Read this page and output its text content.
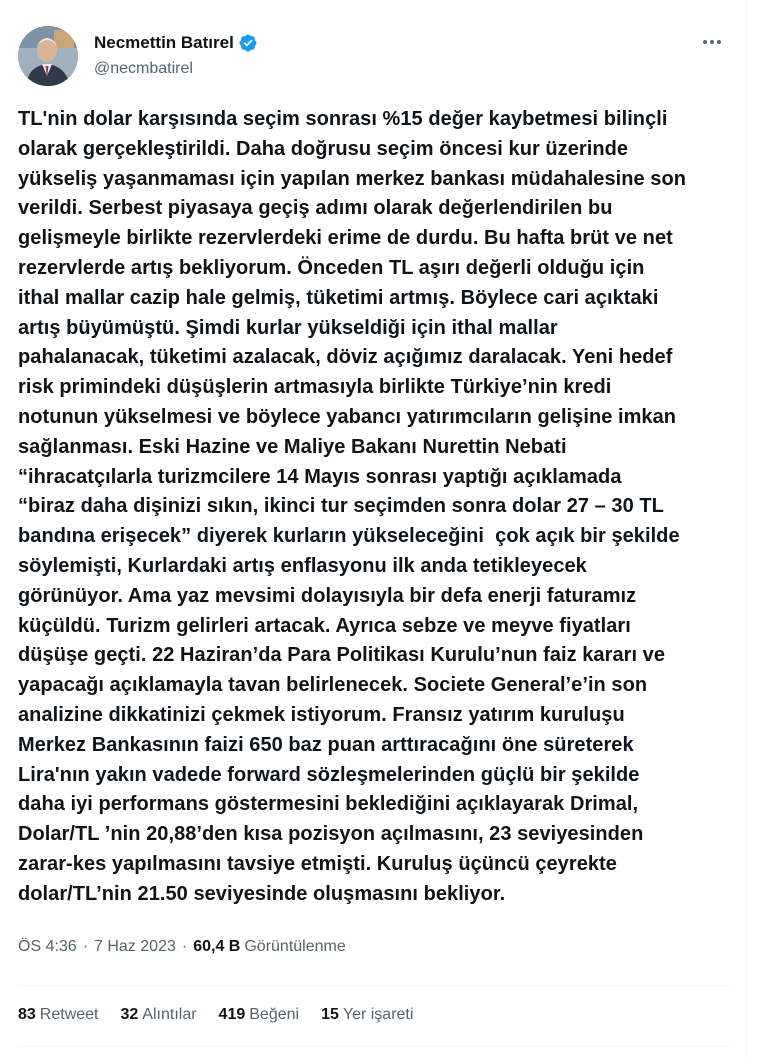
Necmettin Batırel
@necmbatirel
TL'nin dolar karşısında seçim sonrası %15 değer kaybetmesi bilinçli
olarak gerçekleştirildi. Daha doğrusu seçim öncesi kur üzerinde
yükseliş yaşanmaması için yapılan merkez bankası müdahalesine son
verildi. Serbest piyasaya geçiş adımı olarak değerlendirilen bu
gelişmeyle birlikte rezervlerdeki erime de durdu. Bu hafta brüt ve net
rezervlerde artış bekliyorum. Önceden TL aşırı değerli olduğu için
ithal mallar cazip hale gelmiş, tüketimi artmış. Böylece cari açıktaki
artış büyümüştü. Şimdi kurlar yükseldiği için ithal mallar
pahalanacak, tüketimi azalacak, döviz açığımız daralacak. Yeni hedef
risk primindeki düşüşlerin artmasıyla birlikte Türkiye’nin kredi
notunun yükselmesi ve böylece yabancı yatırımcıların gelişine imkan
sağlanması. Eski Hazine ve Maliye Bakanı Nurettin Nebati
“ihracatçılarla turizmcilere 14 Mayıs sonrası yaptığı açıklamada
“biraz daha dişinizi sıkın, ikinci tur seçimden sonra dolar 27 – 30 TL
bandına erişecek” diyerek kurların yükseleceğini  çok açık bir şekilde
söylemişti, Kurlardaki artış enflasyonu ilk anda tetikleyecek
görünüyor. Ama yaz mevsimi dolayısıyla bir defa enerji faturamız
küçüldü. Turizm gelirleri artacak. Ayrıca sebze ve meyve fiyatları
düşüşe geçti. 22 Haziran’da Para Politikası Kurulu’nun faiz kararı ve
yapacağı açıklamayla tavan belirlenecek. Societe General’e’in son
analizine dikkatinizi çekmek istiyorum. Fransız yatırım kuruluşu
Merkez Bankasının faizi 650 baz puan arttıracağını öne süreterek
Lira'nın yakın vadede forward sözleşmelerinden güçlü bir şekilde
daha iyi performans göstermesini beklediğini açıklayarak Drimal,
Dolar/TL ’nin 20,88’den kısa pozisyon açılmasını, 23 seviyesinden
zarar-kes yapılmasını tavsiye etmişti. Kuruluş üçüncü çeyrekte
dolar/TL’nin 21.50 seviyesinde oluşmasını bekliyor.
ÖS 4:36 · 7 Haz 2023 · 60,4 B Görüntülenme
83 Retweet 32 Alıntılar 419 Beğeni 15 Yer işareti
